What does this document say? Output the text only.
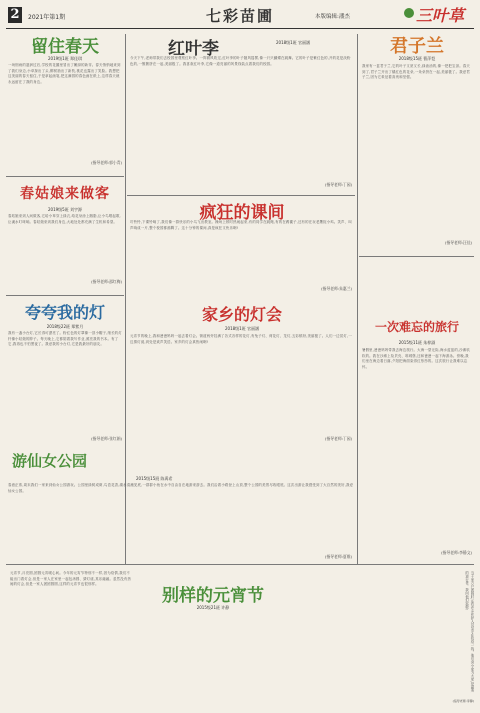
2	2021年第1期	七彩苗圃	本版编辑:潘杰	三叶草
留住春天
2019级1班 郑佳琪
一场细雨的滋润过后,学校的花圃里冒出了嫩绿的新芽。春天悄悄地来到了我们身边,小草探出了头,柳树抽出了新枝,桃花也露出了笑脸。我想把这美丽的春天留住,于是拿起画笔,把这满园的春色画在纸上,这样春天就永远留在了我的身边。
(指导老师:郭小青)
春姑娘来做客
2019级5班 刘宇源
春姑娘来到人间做客,它给小草穿上绿衣,给花朵涂上胭脂,让小鸟唱起歌,让溪水叮咚响。春姑娘来到我们身边,大地处处都充满了生机和希望。
(指导老师:邵红梅)
夸夸我的灯
2018级22班 郑紫月
我有一盏小台灯,它长得可漂亮了。粉红色的灯罩像一顶小帽子,细长的灯杆像小姑娘的脖子。每天晚上,它都陪着我写作业,照亮我的书本。有了它,我再也不怕黑夜了。我爱我的小台灯,它是我最好的朋友。
(指导老师:张红娟)
游仙女公园
2015级15班 陈禹希
春意正浓,周末我们一家来到仙女公园游玩。公园里绿树成荫,鸟语花香,湖水清澈见底,一群群小鱼在水中自由自在地游来游去。我们沿着小路登上山顶,整个公园的美景尽收眼底。这次出游让我感受到了大自然的美好,我爱仙女公园。
(指导老师:夏维)
红叶李	2018级1班 官丽涵
今天下午,老师带我们去校园里观察红叶李。一阵微风吹过,红叶李的叶子随风摇摆,像一只只蝴蝶在跳舞。它的叶子是紫红色的,开的花是淡粉色的,一簇簇挤在一起,美丽极了。我喜欢红叶李,它像一道亮丽的风景线装点着我们的校园。
(指导老师:丁园)
疯狂的课间
叮铃铃,下课铃响了,我们像一群快乐的小鸟飞出教室。操场上顿时热闹起来,有的同学在跳绳,有的在踢毽子,还有的在玩老鹰捉小鸡。笑声、叫声响成一片,整个校园都沸腾了。这十分钟的课间,真是疯狂又快乐啊!
(指导老师:朱惠兰)
家乡的灯会
2018级1班 官丽涵
元宵节的晚上,我和爸爸妈妈一起去看灯会。街道两旁挂满了各式各样的花灯,有兔子灯、荷花灯、龙灯,五彩缤纷,美丽极了。人们一边赏灯,一边猜灯谜,到处是欢声笑语。家乡的灯会真热闹啊!
(指导老师:丁园)
君子兰
2018级15班 曹萍恺
我家有一盆君子兰,它的叶子又宽又长,绿油油的,像一把把宝剑。春天到了,君子兰开出了橘红色的花朵,一朵朵挤在一起,美丽极了。我爱君子兰,因为它象征着高贵和坚强。
(指导老师:汪佳)
一次难忘的旅行
2015级11班 朱梓淑
暑假里,爸爸妈妈带我去海边旅行。大海一望无际,海水蓝蓝的,沙滩软软的。我在沙滩上捡贝壳、堆城堡,还和爸爸一起下海游泳。傍晚,我们坐在海边看日落,夕阳把海面染得红彤彤的。这次旅行让我难以忘怀。
(指导老师:李静文)
元宵节,月亮圆,团圆元宵暖心间。今年的元宵节特别不一样,因为疫情,我们不能出门看灯会,但是一家人在家里一起包汤圆、猜灯谜,其乐融融。虽然没有热闹的灯会,但是一家人团团圆圆,这样的元宵节也很别样。
别样的元宵节
2015级21班 许静	当千家万户团圆时,还有许多医护人员坚守在抗疫一线。他们舍小家为大家,是最美的逆行者。我向他们致敬!
(指导老师:李静)
